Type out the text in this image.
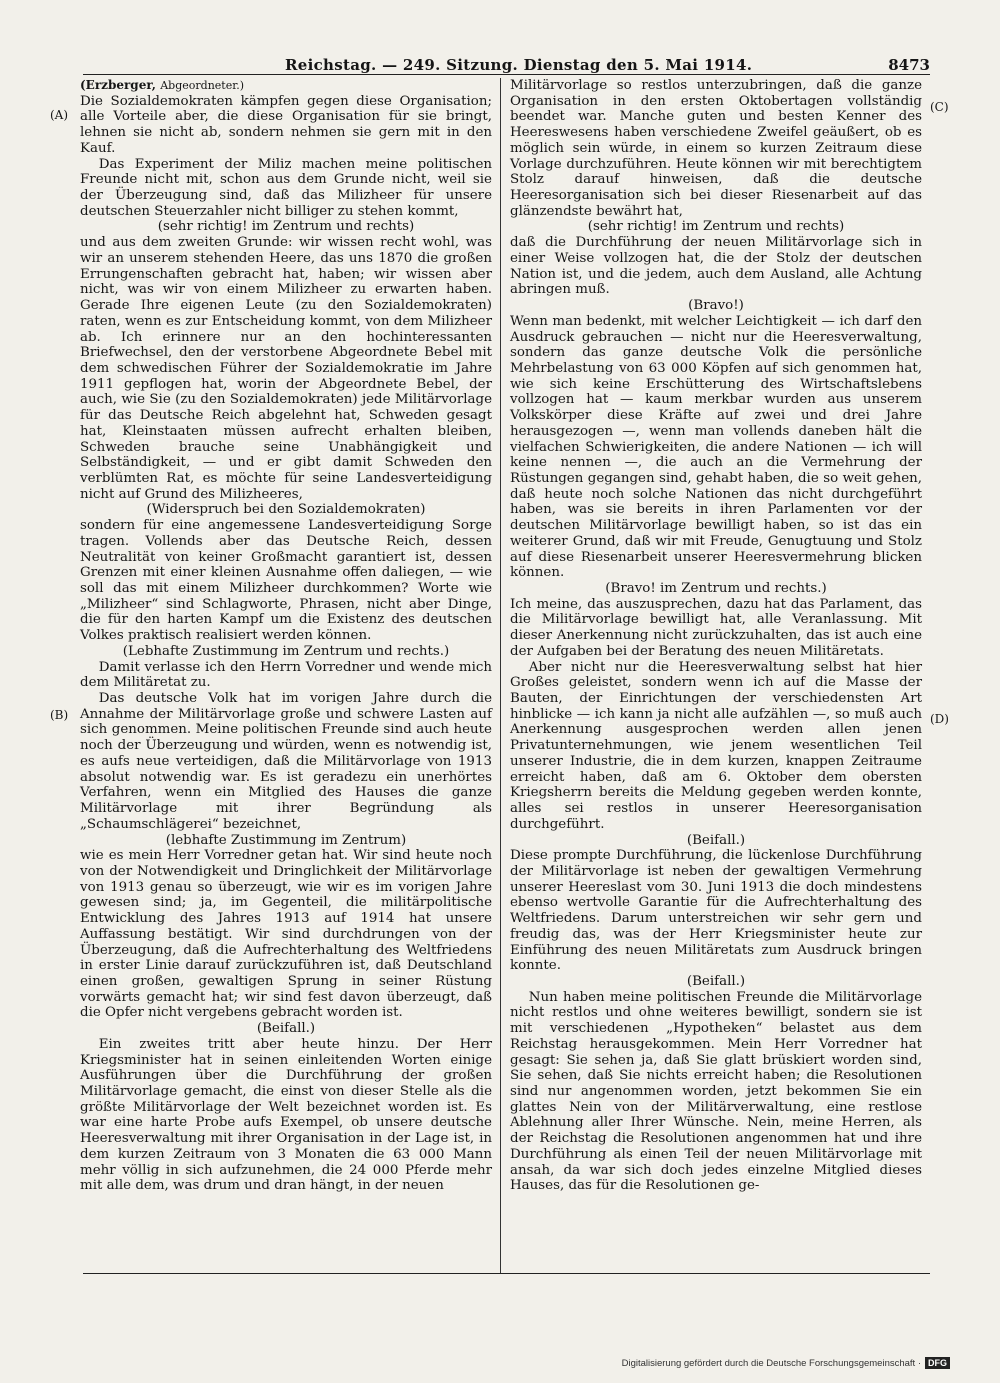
Reichstag. — 249. Sitzung. Dienstag den 5. Mai 1914.	8473
(A)
(B)
(C)
(D)

(Erzberger, Abgeordneter.)

Die Sozialdemokraten kämpfen gegen diese Organisation; alle Vorteile aber, die diese Organisation für sie bringt, lehnen sie nicht ab, sondern nehmen sie gern mit in den Kauf.

Das Experiment der Miliz machen meine politischen Freunde nicht mit, schon aus dem Grunde nicht, weil sie der Überzeugung sind, daß das Milizheer für unsere deutschen Steuerzahler nicht billiger zu stehen kommt,

(sehr richtig! im Zentrum und rechts)

und aus dem zweiten Grunde: wir wissen recht wohl, was wir an unserem stehenden Heere, das uns 1870 die großen Errungenschaften gebracht hat, haben; wir wissen aber nicht, was wir von einem Milizheer zu erwarten haben. Gerade Ihre eigenen Leute (zu den Sozialdemokraten) raten, wenn es zur Entscheidung kommt, von dem Milizheer ab. Ich erinnere nur an den hochinteressanten Briefwechsel, den der verstorbene Abgeordnete Bebel mit dem schwedischen Führer der Sozialdemokratie im Jahre 1911 gepflogen hat, worin der Abgeordnete Bebel, der auch, wie Sie (zu den Sozialdemokraten) jede Militärvorlage für das Deutsche Reich abgelehnt hat, Schweden gesagt hat, Kleinstaaten müssen aufrecht erhalten bleiben, Schweden brauche seine Unabhängigkeit und Selbständigkeit, — und er gibt damit Schweden den verblümten Rat, es möchte für seine Landesverteidigung nicht auf Grund des Milizheeres,

(Widerspruch bei den Sozialdemokraten)

sondern für eine angemessene Landesverteidigung Sorge tragen. Vollends aber das Deutsche Reich, dessen Neutralität von keiner Großmacht garantiert ist, dessen Grenzen mit einer kleinen Ausnahme offen daliegen, — wie soll das mit einem Milizheer durchkommen? Worte wie „Milizheer“ sind Schlagworte, Phrasen, nicht aber Dinge, die für den harten Kampf um die Existenz des deutschen Volkes praktisch realisiert werden können.

(Lebhafte Zustimmung im Zentrum und rechts.)

Damit verlasse ich den Herrn Vorredner und wende mich dem Militäretat zu.

Das deutsche Volk hat im vorigen Jahre durch die Annahme der Militärvorlage große und schwere Lasten auf sich genommen. Meine politischen Freunde sind auch heute noch der Überzeugung und würden, wenn es notwendig ist, es aufs neue verteidigen, daß die Militärvorlage von 1913 absolut notwendig war. Es ist geradezu ein unerhörtes Verfahren, wenn ein Mitglied des Hauses die ganze Militärvorlage mit ihrer Begründung als „Schaumschlägerei“ bezeichnet,

(lebhafte Zustimmung im Zentrum)

wie es mein Herr Vorredner getan hat. Wir sind heute noch von der Notwendigkeit und Dringlichkeit der Militärvorlage von 1913 genau so überzeugt, wie wir es im vorigen Jahre gewesen sind; ja, im Gegenteil, die militärpolitische Entwicklung des Jahres 1913 auf 1914 hat unsere Auffassung bestätigt. Wir sind durchdrungen von der Überzeugung, daß die Aufrechterhaltung des Weltfriedens in erster Linie darauf zurückzuführen ist, daß Deutschland einen großen, gewaltigen Sprung in seiner Rüstung vorwärts gemacht hat; wir sind fest davon überzeugt, daß die Opfer nicht vergebens gebracht worden ist.

(Beifall.)

Ein zweites tritt aber heute hinzu. Der Herr Kriegsminister hat in seinen einleitenden Worten einige Ausführungen über die Durchführung der großen Militärvorlage gemacht, die einst von dieser Stelle als die größte Militärvorlage der Welt bezeichnet worden ist. Es war eine harte Probe aufs Exempel, ob unsere deutsche Heeresverwaltung mit ihrer Organisation in der Lage ist, in dem kurzen Zeitraum von 3 Monaten die 63 000 Mann mehr völlig in sich aufzunehmen, die 24 000 Pferde mehr mit alle dem, was drum und dran hängt, in der neuen

Militärvorlage so restlos unterzubringen, daß die ganze Organisation in den ersten Oktobertagen vollständig beendet war. Manche guten und besten Kenner des Heereswesens haben verschiedene Zweifel geäußert, ob es möglich sein würde, in einem so kurzen Zeitraum diese Vorlage durchzuführen. Heute können wir mit berechtigtem Stolz darauf hinweisen, daß die deutsche Heeresorganisation sich bei dieser Riesenarbeit auf das glänzendste bewährt hat,

(sehr richtig! im Zentrum und rechts)

daß die Durchführung der neuen Militärvorlage sich in einer Weise vollzogen hat, die der Stolz der deutschen Nation ist, und die jedem, auch dem Ausland, alle Achtung abringen muß.

(Bravo!)

Wenn man bedenkt, mit welcher Leichtigkeit — ich darf den Ausdruck gebrauchen — nicht nur die Heeresverwaltung, sondern das ganze deutsche Volk die persönliche Mehrbelastung von 63 000 Köpfen auf sich genommen hat, wie sich keine Erschütterung des Wirtschaftslebens vollzogen hat — kaum merkbar wurden aus unserem Volkskörper diese Kräfte auf zwei und drei Jahre herausgezogen —, wenn man vollends daneben hält die vielfachen Schwierigkeiten, die andere Nationen — ich will keine nennen —, die auch an die Vermehrung der Rüstungen gegangen sind, gehabt haben, die so weit gehen, daß heute noch solche Nationen das nicht durchgeführt haben, was sie bereits in ihren Parlamenten vor der deutschen Militärvorlage bewilligt haben, so ist das ein weiterer Grund, daß wir mit Freude, Genugtuung und Stolz auf diese Riesenarbeit unserer Heeresvermehrung blicken können.

(Bravo! im Zentrum und rechts.)

Ich meine, das auszusprechen, dazu hat das Parlament, das die Militärvorlage bewilligt hat, alle Veranlassung. Mit dieser Anerkennung nicht zurückzuhalten, das ist auch eine der Aufgaben bei der Beratung des neuen Militäretats.

Aber nicht nur die Heeresverwaltung selbst hat hier Großes geleistet, sondern wenn ich auf die Masse der Bauten, der Einrichtungen der verschiedensten Art hinblicke — ich kann ja nicht alle aufzählen —, so muß auch Anerkennung ausgesprochen werden allen jenen Privatunternehmungen, wie jenem wesentlichen Teil unserer Industrie, die in dem kurzen, knappen Zeitraume erreicht haben, daß am 6. Oktober dem obersten Kriegsherrn bereits die Meldung gegeben werden konnte, alles sei restlos in unserer Heeresorganisation durchgeführt.

(Beifall.)

Diese prompte Durchführung, die lückenlose Durchführung der Militärvorlage ist neben der gewaltigen Vermehrung unserer Heereslast vom 30. Juni 1913 die doch mindestens ebenso wertvolle Garantie für die Aufrechterhaltung des Weltfriedens. Darum unterstreichen wir sehr gern und freudig das, was der Herr Kriegsminister heute zur Einführung des neuen Militäretats zum Ausdruck bringen konnte.

(Beifall.)

Nun haben meine politischen Freunde die Militärvorlage nicht restlos und ohne weiteres bewilligt, sondern sie ist mit verschiedenen „Hypotheken“ belastet aus dem Reichstag herausgekommen. Mein Herr Vorredner hat gesagt: Sie sehen ja, daß Sie glatt brüskiert worden sind, Sie sehen, daß Sie nichts erreicht haben; die Resolutionen sind nur angenommen worden, jetzt bekommen Sie ein glattes Nein von der Militärverwaltung, eine restlose Ablehnung aller Ihrer Wünsche. Nein, meine Herren, als der Reichstag die Resolutionen angenommen hat und ihre Durchführung als einen Teil der neuen Militärvorlage mit ansah, da war sich doch jedes einzelne Mitglied dieses Hauses, das für die Resolutionen ge-

Digitalisierung gefördert durch die Deutsche Forschungsgemeinschaft · DFG
